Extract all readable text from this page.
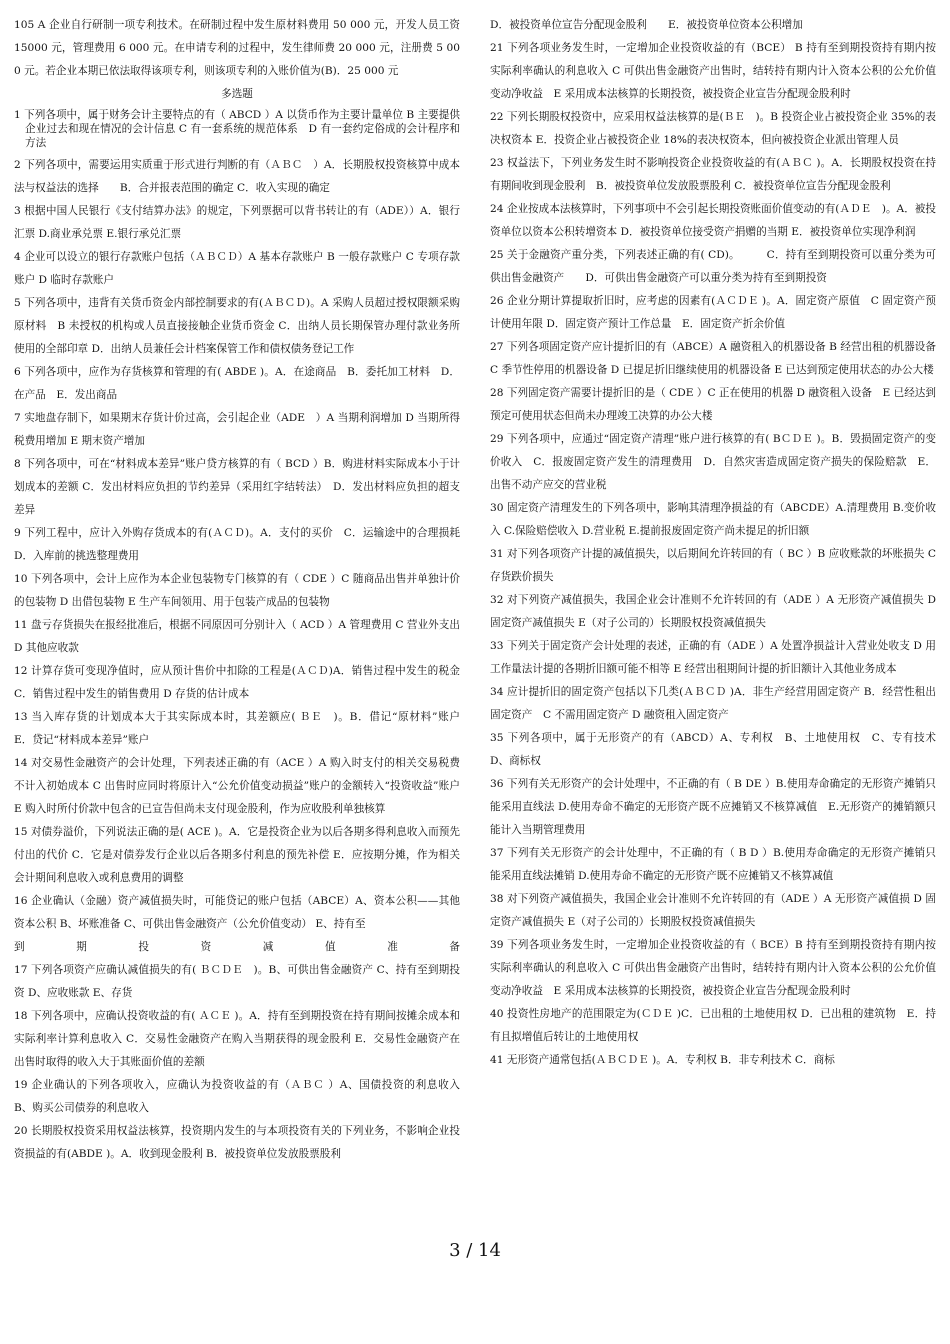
105 A 企业自行研制一项专利技术。在研制过程中发生原材料费用 50 000 元，开发人员工资 15000 元，管理费用 6 000 元。在申请专利的过程中，发生律师费 20 000 元，注册费 5 000 元。若企业本期已依法取得该项专利，则该项专利的入账价值为(B)．25 000 元

多选题

1 下列各项中，属于财务会计主要特点的有（ ABCD ）A 以货币作为主要计量单位 B 主要提供企业过去和现在情况的会计信息 C 有一套系统的规范体系　D 有一套约定俗成的会计程序和方法

2 下列各项中，需要运用实质重于形式进行判断的有（ＡＢＣ　）A．长期股权投资核算中成本法与权益法的选择　　B．合并报表范围的确定 C．收入实现的确定

3 根据中国人民银行《支付结算办法》的规定，下列票据可以背书转让的有（ADE））A．银行汇票 D.商业承兑票 E.银行承兑汇票

4 企业可以设立的银行存款账户包括（ＡＢＣＤ）A 基本存款账户 B 一般存款账户 C 专项存款账户 D 临时存款账户

5 下列各项中，违背有关货币资金内部控制要求的有(ＡＢＣＤ)。A 采购人员超过授权限额采购原材料　B 未授权的机构或人员直接接触企业货币资金 C．出纳人员长期保管办理付款业务所使用的全部印章 D．出纳人员兼任会计档案保管工作和债权债务登记工作

6 下列各项中，应作为存货核算和管理的有( ABDE )。A．在途商品　B．委托加工材料　D．在产品　E．发出商品

7 实地盘存制下，如果期末存货计价过高，会引起企业（ADE　）A 当期利润增加 D 当期所得税费用增加 E 期末资产增加

8 下列各项中，可在“材料成本差异”账户贷方核算的有（ BCD ）B．购进材料实际成本小于计划成本的差额 C．发出材料应负担的节约差异（采用红字结转法）　D．发出材料应负担的超支差异

9 下列工程中，应计入外购存货成本的有(ＡＣＤ)。A．支付的买价　C．运输途中的合理损耗 D．入库前的挑选整理费用

10 下列各项中，会计上应作为本企业包装物专门核算的有（ CDE ）C 随商品出售并单独计价的包装物 D 出借包装物 E 生产车间领用、用于包装产成品的包装物

11 盘亏存货损失在报经批准后，根据不同原因可分别计入（ ACD ）A 管理费用 C 营业外支出 D 其他应收款

12 计算存货可变现净值时，应从预计售价中扣除的工程是(ＡＣＤ)A．销售过程中发生的税金 C．销售过程中发生的销售费用 D 存货的估计成本

13 当入库存货的计划成本大于其实际成本时，其差额应( ＢＥ　)。B．借记“原材料”账户　E．贷记“材料成本差异”账户

14 对交易性金融资产的会计处理，下列表述正确的有（ACE ）A 购入时支付的相关交易税费不计入初始成本 C 出售时应同时将原计入“公允价值变动损益”账户的金额转入“投资收益”账户 E 购入时所付价款中包含的已宣告但尚未支付现金股利，作为应收股利单独核算

15 对债券溢价，下列说法正确的是( ACE )。A．它是投资企业为以后各期多得利息收入而预先付出的代价 C．它是对债券发行企业以后各期多付利息的预先补偿 E．应按期分摊，作为相关会计期间利息收入或利息费用的调整

16 企业确认（金融）资产减值损失时，可能贷记的账户包括（ABCE）A、资本公积——其他资本公积 B、坏账准备 C、可供出售金融资产（公允价值变动） E、持有至

到 期 投 资 减 值 准 备

17 下列各项资产应确认减值损失的有( ＢＣＤＥ　)。B、可供出售金融资产 C、持有至到期投资 D、应收账款 E、存货

18 下列各项中，应确认投资收益的有( ＡＣＥ )。A．持有至到期投资在持有期间按摊余成本和实际利率计算利息收入 C．交易性金融资产在购入当期获得的现金股利 E．交易性金融资产在出售时取得的收入大于其账面价值的差额

19 企业确认的下列各项收入，应确认为投资收益的有（ＡＢＣ ）A、国债投资的利息收入　B、购买公司债券的利息收入

20 长期股权投资采用权益法核算，投资期内发生的与本项投资有关的下列业务，不影响企业投资损益的有(ABDE )。A．收到现金股利 B．被投资单位发放股票股利

D．被投资单位宣告分配现金股利　　E．被投资单位资本公积增加

21 下列各项业务发生时，一定增加企业投资收益的有（BCE） B 持有至到期投资持有期内按实际利率确认的利息收入 C 可供出售金融资产出售时，结转持有期内计入资本公积的公允价值变动净收益　E 采用成本法核算的长期投资，被投资企业宣告分配现金股利时

22 下列长期股权投资中，应采用权益法核算的是(ＢＥ　)。B 投资企业占被投资企业 35%的表决权资本 E．投资企业占被投资企业 18%的表决权资本，但向被投资企业派出管理人员

23 权益法下，下列业务发生时不影响投资企业投资收益的有(ＡＢＣ )。A．长期股权投资在持有期间收到现金股利　B．被投资单位发放股票股利 C．被投资单位宣告分配现金股利

24 企业按成本法核算时，下列事项中不会引起长期投资账面价值变动的有(ＡＤＥ　)。A．被投资单位以资本公积转增资本 D．被投资单位接受资产捐赠的当期 E．被投资单位实现净利润

25 关于金融资产重分类，下列表述正确的有( CD)。　　　C．持有至到期投资可以重分类为可供出售金融资产　　D．可供出售金融资产可以重分类为持有至到期投资

26 企业分期计算提取折旧时，应考虑的因素有(ＡＣＤＥ )。A．固定资产原值　C 固定资产预计使用年限 D．固定资产预计工作总量　E．固定资产折余价值

27 下列各项固定资产应计提折旧的有（ABCE）A 融资租入的机器设备 B 经营出租的机器设备 C 季节性停用的机器设备 D 已提足折旧继续使用的机器设备 E 已达到预定使用状态的办公大楼

28 下列固定资产需要计提折旧的是（ CDE ）C 正在使用的机器 D 融资租入设备　E 已经达到预定可使用状态但尚未办理竣工决算的办公大楼

29 下列各项中，应通过“固定资产清理”账户进行核算的有( BＣＤＥ )。B．毁损固定资产的变价收入　C．报废固定资产发生的清理费用　D．自然灾害造成固定资产损失的保险赔款　E．出售不动产应交的营业税

30 固定资产清理发生的下列各项中，影响其清理净损益的有（ABCDE）A.清理费用 B.变价收入 C.保险赔偿收入 D.营业税 E.提前报废固定资产尚未提足的折旧额

31 对下列各项资产计提的减值损失，以后期间允许转回的有（ BC ）B 应收账款的坏账损失 C 存货跌价损失

32 对下列资产减值损失，我国企业会计准则不允许转回的有（ADE ）A 无形资产减值损失 D 固定资产减值损失 E（对子公司的）长期股权投资减值损失

33 下列关于固定资产会计处理的表述，正确的有（ADE ）A 处置净损益计入营业处收支 D 用工作量法计提的各期折旧额可能不相等 E 经营出租期间计提的折旧额计入其他业务成本

34 应计提折旧的固定资产包括以下几类(ＡＢＣＤ )A．非生产经营用固定资产 B．经营性租出固定资产　C 不需用固定资产 D 融资租入固定资产

35 下列各项中，属于无形资产的有（ABCD）A、专利权　B、土地使用权　C、专有技术　D、商标权

36 下列有关无形资产的会计处理中，不正确的有（ B DE ）B.使用寿命确定的无形资产摊销只能采用直线法 D.使用寿命不确定的无形资产既不应摊销又不核算减值　E.无形资产的摊销额只能计入当期管理费用

37 下列有关无形资产的会计处理中，不正确的有（ B D ）B.使用寿命确定的无形资产摊销只能采用直线法摊销 D.使用寿命不确定的无形资产既不应摊销又不核算减值

38 对下列资产减值损失，我国企业会计准则不允许转回的有（ADE ）A 无形资产减值损 D 固定资产减值损失 E（对子公司的）长期股权投资减值损失

39 下列各项业务发生时，一定增加企业投资收益的有（ BCE）B 持有至到期投资持有期内按实际利率确认的利息收入 C 可供出售金融资产出售时，结转持有期内计入资本公积的公允价值变动净收益　E 采用成本法核算的长期投资，被投资企业宣告分配现金股利时

40 投资性房地产的范围限定为(ＣＤＥ )C．已出租的土地使用权 D．已出租的建筑物　E．持有且拟增值后转让的土地使用权

41 无形资产通常包括(ＡＢＣＤＥ )。A．专利权 B．非专利技术 C．商标

3 / 14
